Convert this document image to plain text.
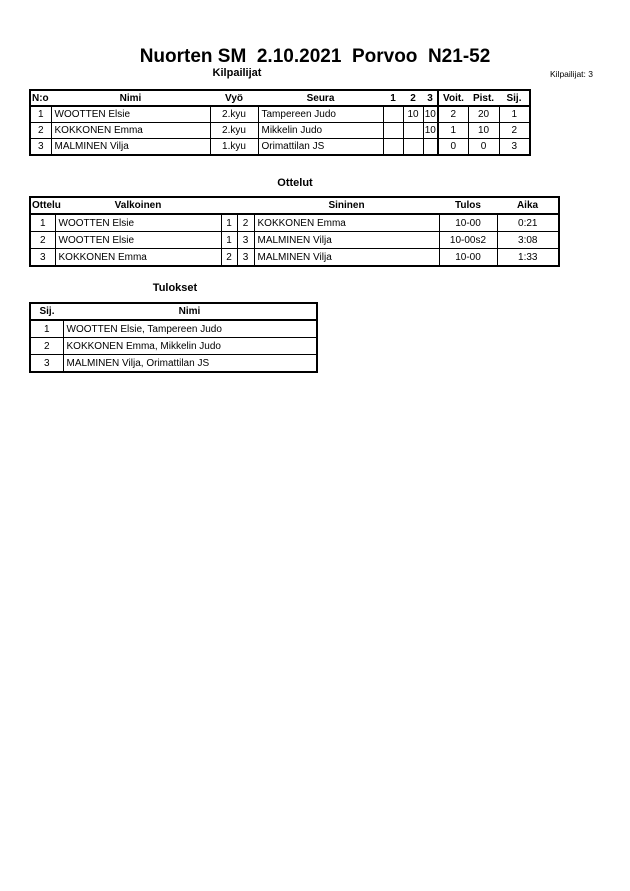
Nuorten SM  2.10.2021  Porvoo  N21-52
Kilpailijat	Kilpailijat: 3
N:o	Nimi	Vyö	Seura	1	2	3	Voit.	Pist.	Sij.
1	WOOTTEN Elsie	2.kyu	Tampereen Judo		10	10	2	20	1
2	KOKKONEN Emma	2.kyu	Mikkelin Judo			10	1	10	2
3	MALMINEN Vilja	1.kyu	Orimattilan JS				0	0	3
Ottelut
Ottelu	Valkoinen			Sininen	Tulos	Aika
1	WOOTTEN Elsie	1	2	KOKKONEN Emma	10-00	0:21
2	WOOTTEN Elsie	1	3	MALMINEN Vilja	10-00s2	3:08
3	KOKKONEN Emma	2	3	MALMINEN Vilja	10-00	1:33
Tulokset
Sij.	Nimi
1	WOOTTEN Elsie, Tampereen Judo
2	KOKKONEN Emma, Mikkelin Judo
3	MALMINEN Vilja, Orimattilan JS
